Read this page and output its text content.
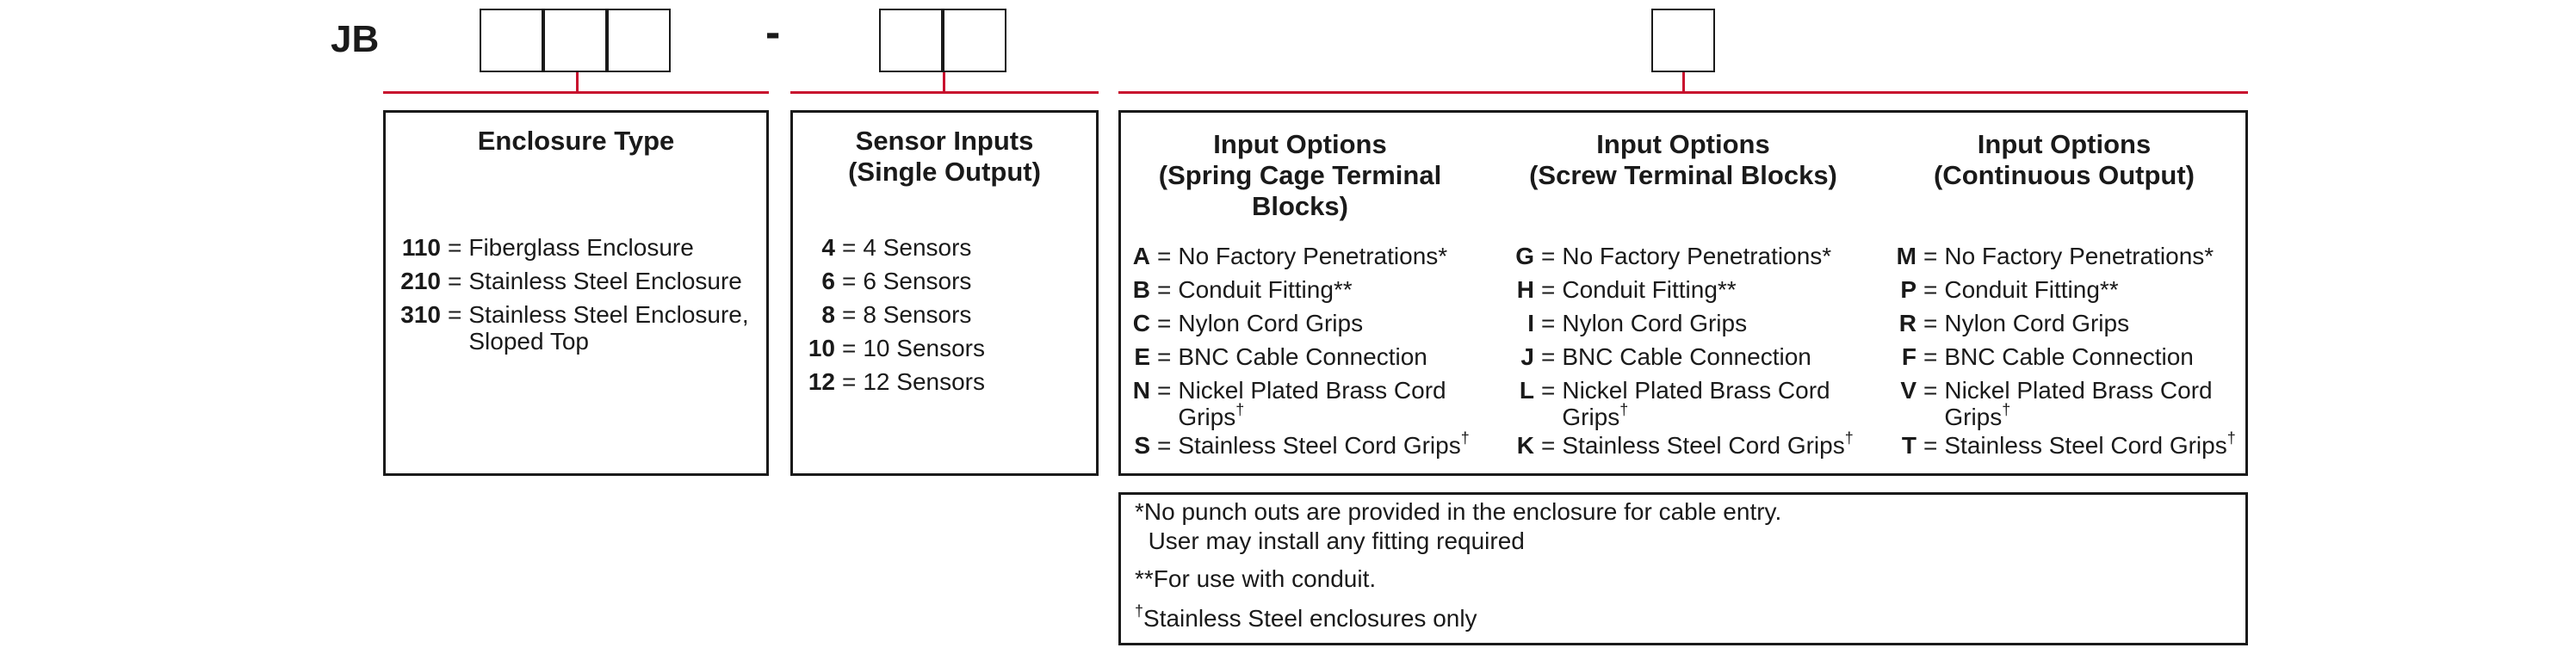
JB	-
Enclosure Type
110 = Fiberglass Enclosure
210 = Stainless Steel Enclosure
310 = Stainless Steel Enclosure,
Sloped Top
Sensor Inputs
(Single Output)
4 = 4 Sensors
6 = 6 Sensors
8 = 8 Sensors
10 = 10 Sensors
12 = 12 Sensors
Input Options
(Spring Cage Terminal
Blocks)
Input Options
(Screw Terminal Blocks)
Input Options
(Continuous Output)
A = No Factory Penetrations*
B = Conduit Fitting**
C = Nylon Cord Grips
E = BNC Cable Connection
N = Nickel Plated Brass Cord
Grips†
S = Stainless Steel Cord Grips†
G = No Factory Penetrations*
H = Conduit Fitting**
I = Nylon Cord Grips
J = BNC Cable Connection
L = Nickel Plated Brass Cord
Grips†
K = Stainless Steel Cord Grips†
M = No Factory Penetrations*
P = Conduit Fitting**
R = Nylon Cord Grips
F = BNC Cable Connection
V = Nickel Plated Brass Cord
Grips†
T = Stainless Steel Cord Grips†
*No punch outs are provided in the enclosure for cable entry.
User may install any fitting required
**For use with conduit.
†Stainless Steel enclosures only
